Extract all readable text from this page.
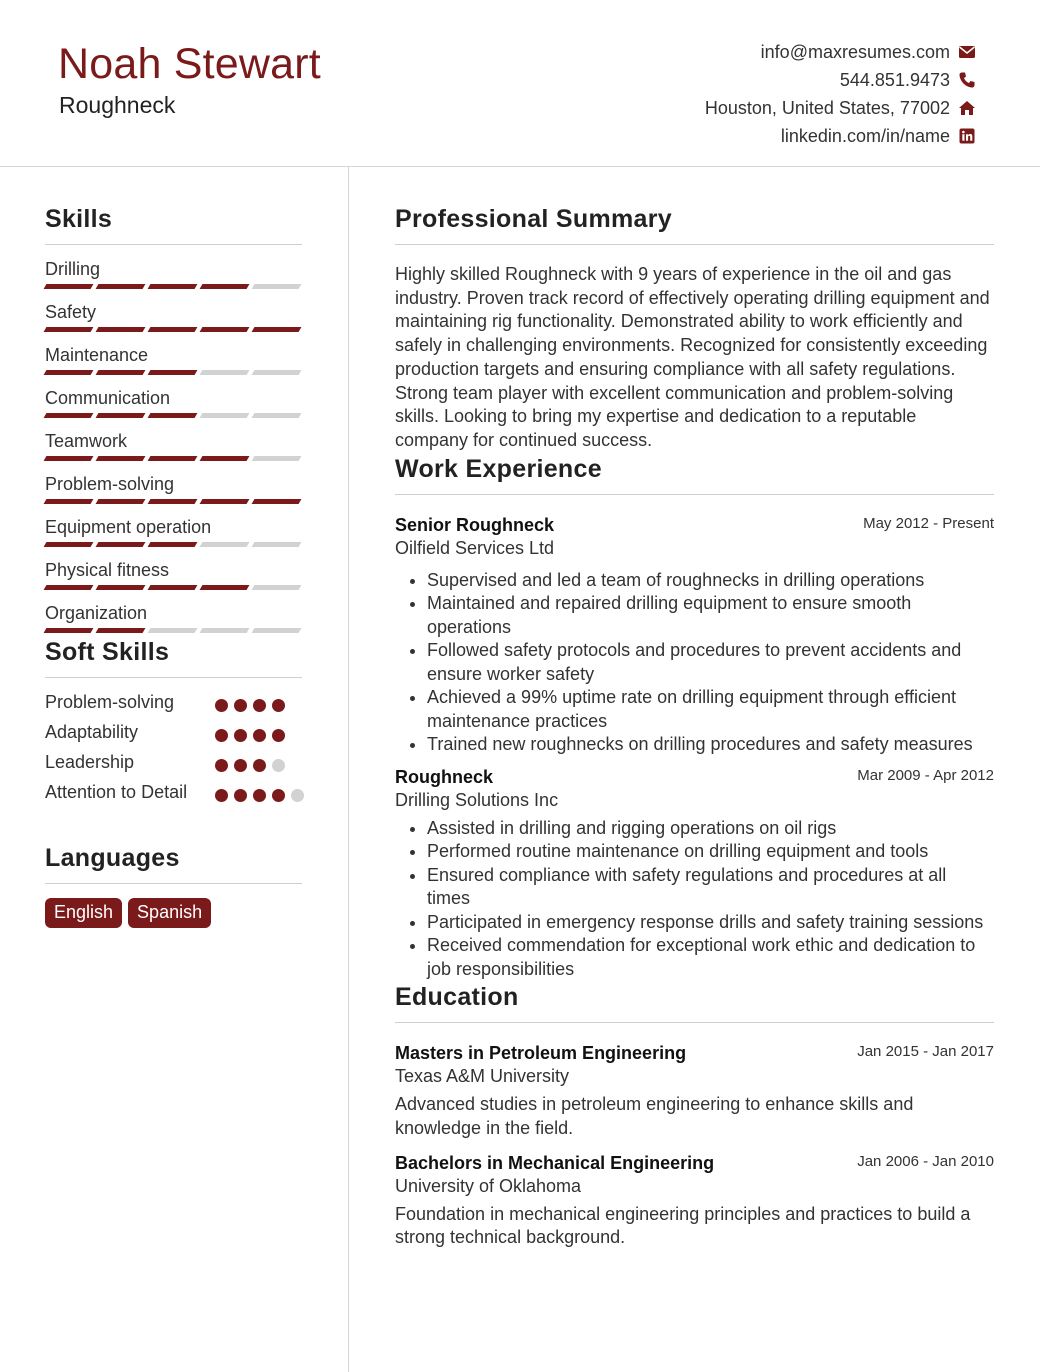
Noah Stewart
Roughneck
info@maxresumes.com
544.851.9473
Houston, United States, 77002
linkedin.com/in/name
Skills
Drilling
Safety
Maintenance
Communication
Teamwork
Problem-solving
Equipment operation
Physical fitness
Organization
Soft Skills
Problem-solving
Adaptability
Leadership
Attention to Detail
Languages
English	Spanish
Professional Summary
Highly skilled Roughneck with 9 years of experience in the oil and gas industry. Proven track record of effectively operating drilling equipment and maintaining rig functionality. Demonstrated ability to work efficiently and safely in challenging environments. Recognized for consistently exceeding production targets and ensuring compliance with all safety regulations. Strong team player with excellent communication and problem-solving skills. Looking to bring my expertise and dedication to a reputable company for continued success.
Work Experience
Senior Roughneck	May 2012 - Present
Oilfield Services Ltd
• Supervised and led a team of roughnecks in drilling operations
• Maintained and repaired drilling equipment to ensure smooth operations
• Followed safety protocols and procedures to prevent accidents and ensure worker safety
• Achieved a 99% uptime rate on drilling equipment through efficient maintenance practices
• Trained new roughnecks on drilling procedures and safety measures
Roughneck	Mar 2009 - Apr 2012
Drilling Solutions Inc
• Assisted in drilling and rigging operations on oil rigs
• Performed routine maintenance on drilling equipment and tools
• Ensured compliance with safety regulations and procedures at all times
• Participated in emergency response drills and safety training sessions
• Received commendation for exceptional work ethic and dedication to job responsibilities
Education
Masters in Petroleum Engineering	Jan 2015 - Jan 2017
Texas A&M University
Advanced studies in petroleum engineering to enhance skills and knowledge in the field.
Bachelors in Mechanical Engineering	Jan 2006 - Jan 2010
University of Oklahoma
Foundation in mechanical engineering principles and practices to build a strong technical background.
